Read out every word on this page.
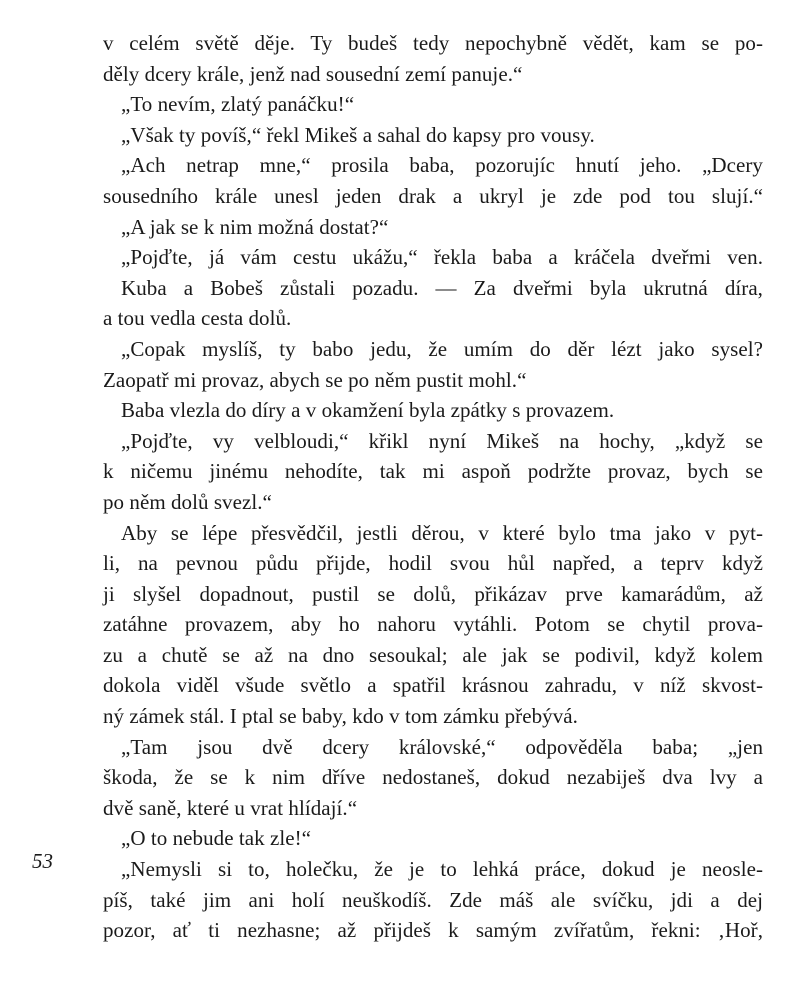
v celém světě děje. Ty budeš tedy nepochybně vědět, kam se po-
děly dcery krále, jenž nad sousední zemí panuje.“
„To nevím, zlatý panáčku!“
„Však ty povíš,“ řekl Mikeš a sahal do kapsy pro vousy.
„Ach netrap mne,“ prosila baba, pozorujíc hnutí jeho. „Dcery
sousedního krále unesl jeden drak a ukryl je zde pod tou slují.“
„A jak se k nim možná dostat?“
„Pojďte, já vám cestu ukážu,“ řekla baba a kráčela dveřmi ven.
Kuba a Bobeš zůstali pozadu. — Za dveřmi byla ukrutná díra,
a tou vedla cesta dolů.
„Copak myslíš, ty babo jedu, že umím do děr lézt jako sysel?
Zaopatř mi provaz, abych se po něm pustit mohl.“
Baba vlezla do díry a v okamžení byla zpátky s provazem.
„Pojďte, vy velbloudi,“ křikl nyní Mikeš na hochy, „když se
k ničemu jinému nehodíte, tak mi aspoň podržte provaz, bych se
po něm dolů svezl.“
Aby se lépe přesvědčil, jestli děrou, v které bylo tma jako v pyt-
li, na pevnou půdu přijde, hodil svou hůl napřed, a teprv když
ji slyšel dopadnout, pustil se dolů, přikázav prve kamarádům, až
zatáhne provazem, aby ho nahoru vytáhli. Potom se chytil prova-
zu a chutě se až na dno sesoukal; ale jak se podivil, když kolem
dokola viděl všude světlo a spatřil krásnou zahradu, v níž skvost-
ný zámek stál. I ptal se baby, kdo v tom zámku přebývá.
„Tam jsou dvě dcery královské,“ odpověděla baba; „jen
škoda, že se k nim dříve nedostaneš, dokud nezabiješ dva lvy a
dvě saně, které u vrat hlídají.“
„O to nebude tak zle!“
„Nemysli si to, holečku, že je to lehká práce, dokud je neosle-
píš, také jim ani holí neuškodíš. Zde máš ale svíčku, jdi a dej
pozor, ať ti nezhasne; až přijdeš k samým zvířatům, řekni: ‚Hoř,
53
